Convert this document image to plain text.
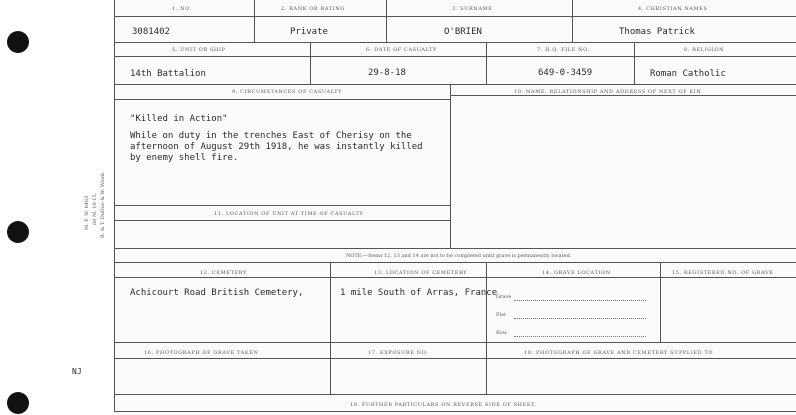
M. F. W. 6463 60 M. 10-15. R. & T. Duthie & W. Wood.
NJ
1. NO.	2. RANK OR RATING	3. SURNAME	4. CHRISTIAN NAMES
3081402	Private	O'BRIEN	Thomas Patrick
5. UNIT OR SHIP	6. DATE OF CASUALTY	7. H.Q. FILE NO.	8. RELIGION
14th Battalion	29-8-18	649-0-3459	Roman Catholic
9. CIRCUMSTANCES OF CASUALTY	10. NAME, RELATIONSHIP AND ADDRESS OF NEXT OF KIN
"Killed in Action"
While on duty in the trenches East of Cherisy on the
afternoon of August 29th 1918, he was instantly killed
by enemy shell fire.
11. LOCATION OF UNIT AT TIME OF CASUALTY
NOTE:—Items 12, 13 and 14 are not to be completed until grave is permanently located.
12. CEMETERY	13. LOCATION OF CEMETERY	14. GRAVE LOCATION	15. REGISTERED NO. OF GRAVE
Achicourt Road British Cemetery,	1 mile South of Arras, France
Grave
Plot
Row
16. PHOTOGRAPH OF GRAVE TAKEN	17. EXPOSURE NO.	18. PHOTOGRAPH OF GRAVE AND CEMETERY SUPPLIED TO
19. FURTHER PARTICULARS ON REVERSE SIDE OF SHEET.
